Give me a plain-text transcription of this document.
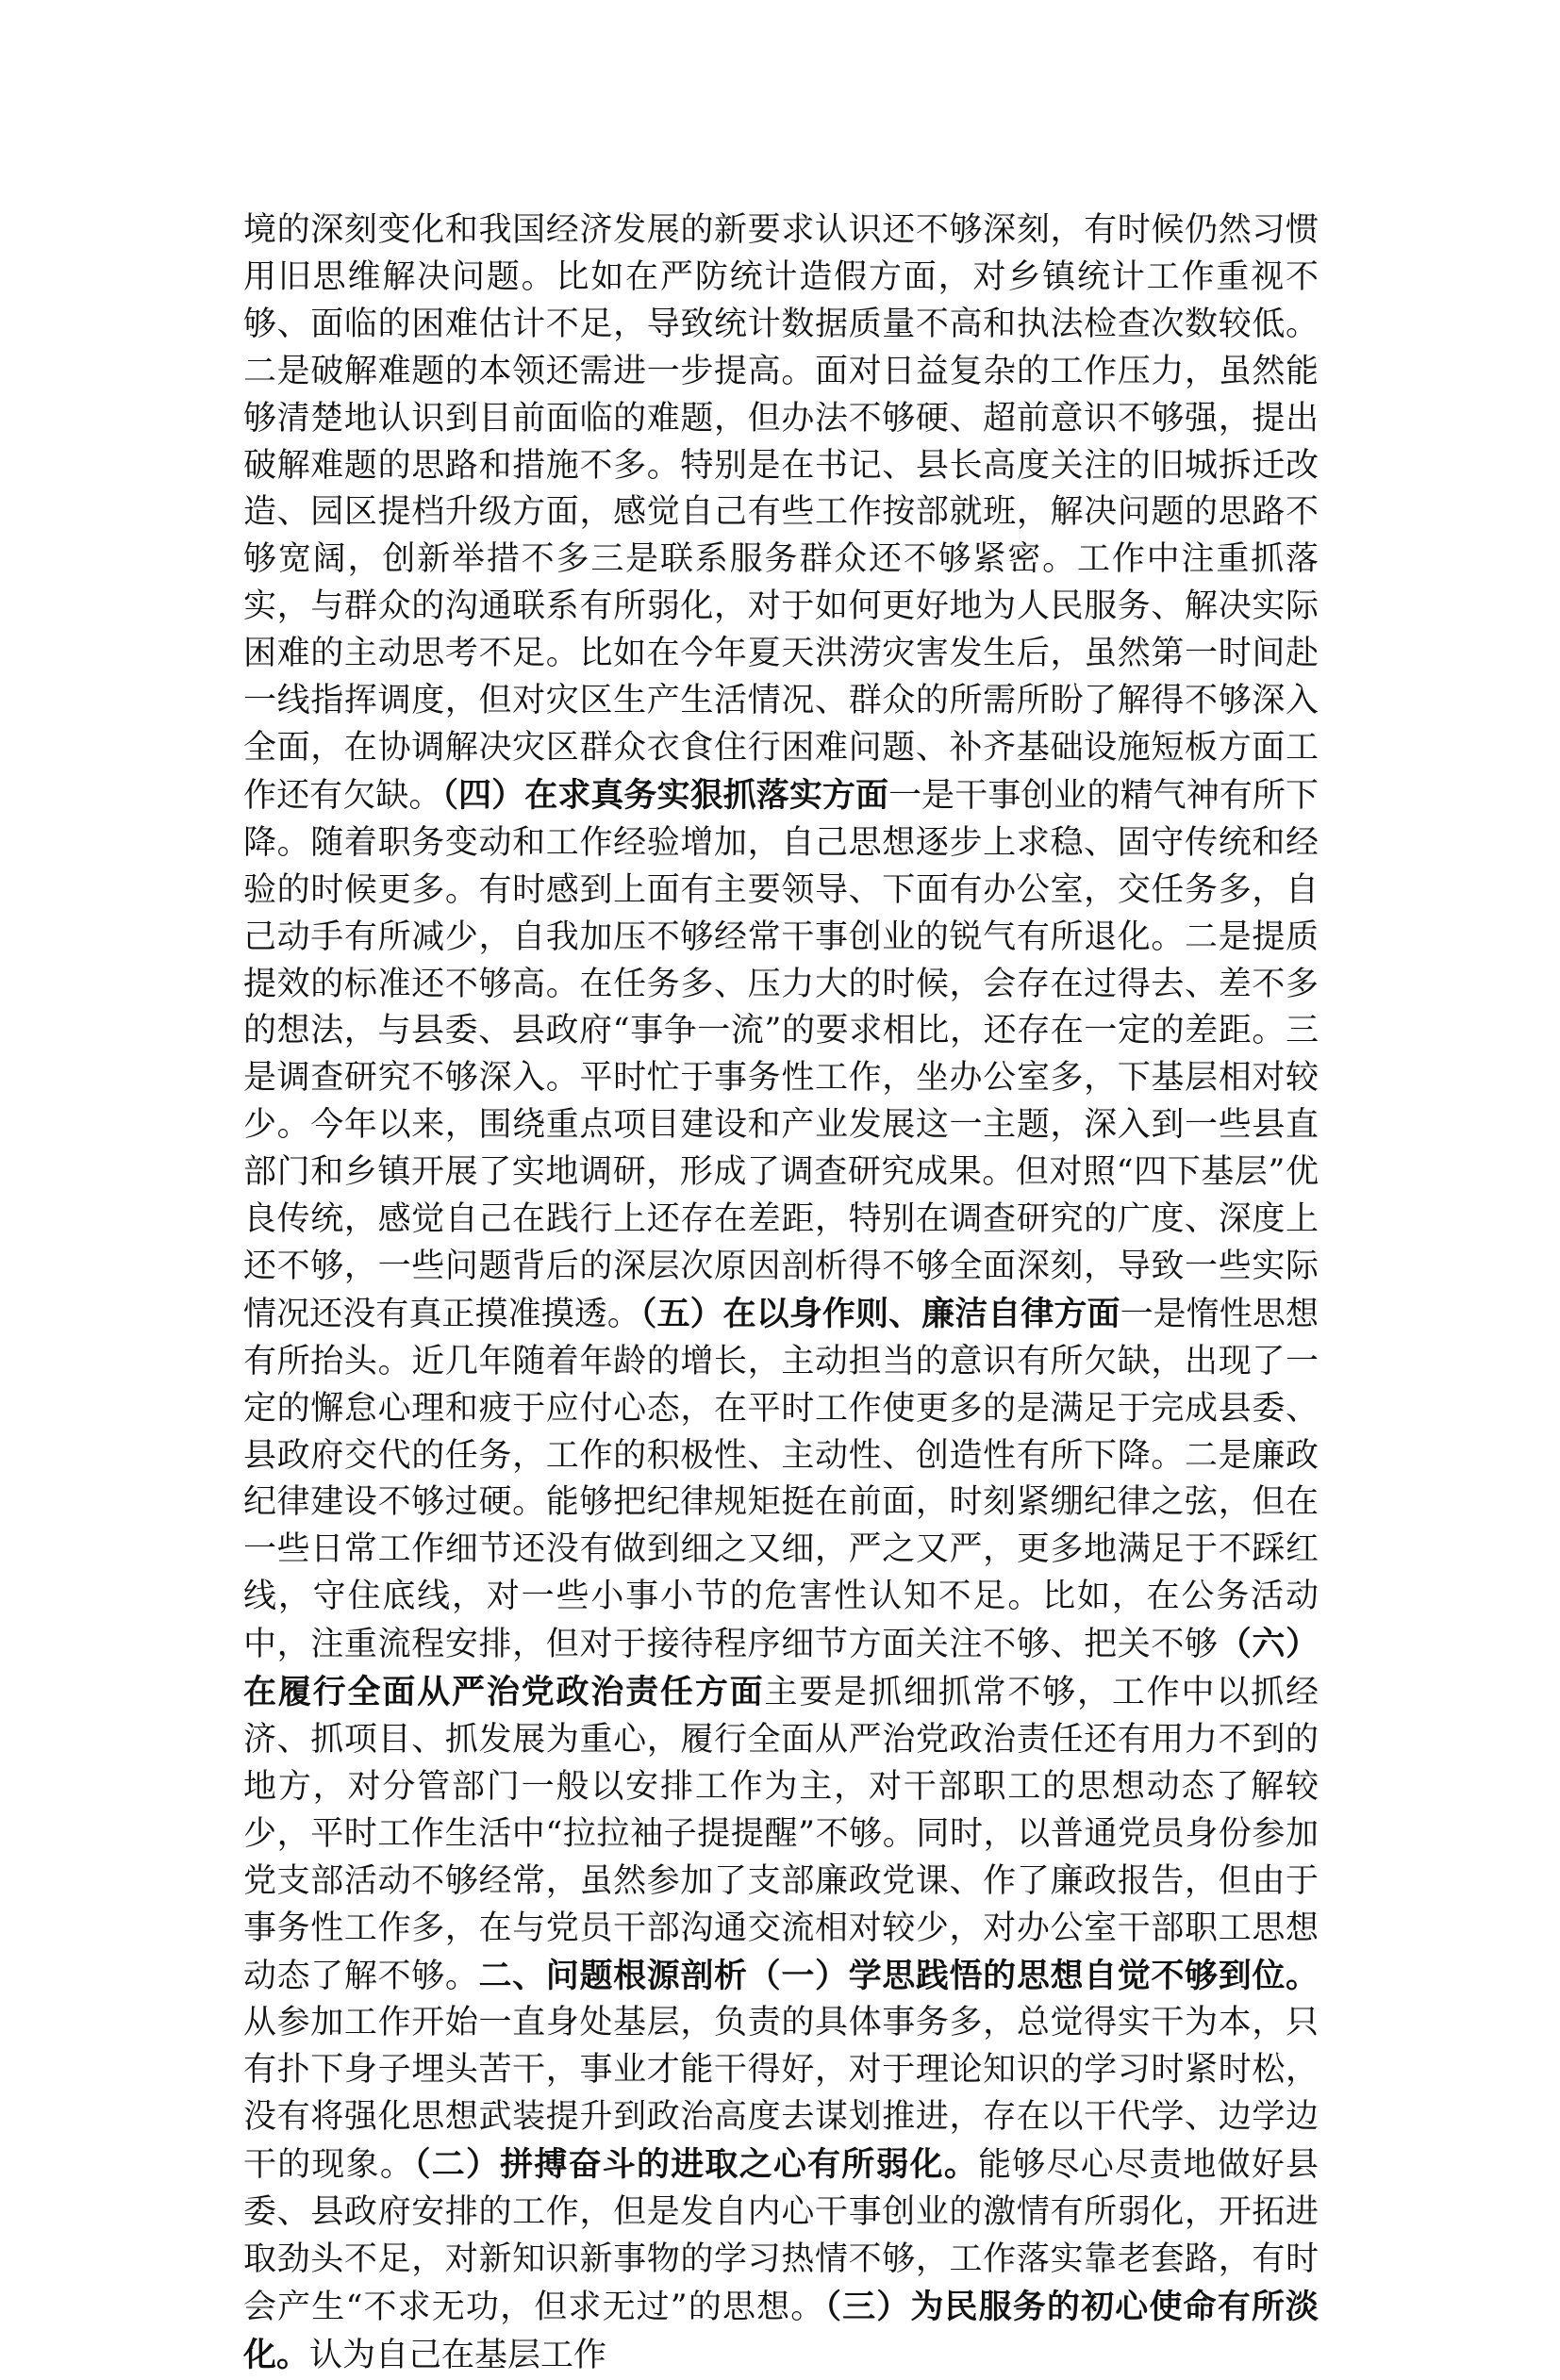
境的深刻变化和我国经济发展的新要求认识还不够深刻，有时候仍然习惯用旧思维解决问题。比如在严防统计造假方面，对乡镇统计工作重视不够、面临的困难估计不足，导致统计数据质量不高和执法检查次数较低。二是破解难题的本领还需进一步提高。面对日益复杂的工作压力，虽然能够清楚地认识到目前面临的难题，但办法不够硬、超前意识不够强，提出破解难题的思路和措施不多。特别是在书记、县长高度关注的旧城拆迁改造、园区提档升级方面，感觉自己有些工作按部就班，解决问题的思路不够宽阔，创新举措不多三是联系服务群众还不够紧密。工作中注重抓落实，与群众的沟通联系有所弱化，对于如何更好地为人民服务、解决实际困难的主动思考不足。比如在今年夏天洪涝灾害发生后，虽然第一时间赴一线指挥调度，但对灾区生产生活情况、群众的所需所盼了解得不够深入全面，在协调解决灾区群众衣食住行困难问题、补齐基础设施短板方面工作还有欠缺。（四）在求真务实狠抓落实方面一是干事创业的精气神有所下降。随着职务变动和工作经验增加，自己思想逐步上求稳、固守传统和经验的时候更多。有时感到上面有主要领导、下面有办公室，交任务多，自己动手有所减少，自我加压不够经常干事创业的锐气有所退化。二是提质提效的标准还不够高。在任务多、压力大的时候，会存在过得去、差不多的想法，与县委、县政府“事争一流”的要求相比，还存在一定的差距。三是调查研究不够深入。平时忙于事务性工作，坐办公室多，下基层相对较少。今年以来，围绕重点项目建设和产业发展这一主题，深入到一些县直部门和乡镇开展了实地调研，形成了调查研究成果。但对照“四下基层”优良传统，感觉自己在践行上还存在差距，特别在调查研究的广度、深度上还不够，一些问题背后的深层次原因剖析得不够全面深刻，导致一些实际情况还没有真正摸准摸透。（五）在以身作则、廉洁自律方面一是惰性思想有所抬头。近几年随着年龄的增长，主动担当的意识有所欠缺，出现了一定的懈怠心理和疲于应付心态，在平时工作使更多的是满足于完成县委、县政府交代的任务，工作的积极性、主动性、创造性有所下降。二是廉政纪律建设不够过硬。能够把纪律规矩挺在前面，时刻紧绷纪律之弦，但在一些日常工作细节还没有做到细之又细，严之又严，更多地满足于不踩红线，守住底线，对一些小事小节的危害性认知不足。比如，在公务活动中，注重流程安排，但对于接待程序细节方面关注不够、把关不够（六）在履行全面从严治党政治责任方面主要是抓细抓常不够，工作中以抓经济、抓项目、抓发展为重心，履行全面从严治党政治责任还有用力不到的地方，对分管部门一般以安排工作为主，对干部职工的思想动态了解较少，平时工作生活中“拉拉袖子提提醒”不够。同时，以普通党员身份参加党支部活动不够经常，虽然参加了支部廉政党课、作了廉政报告，但由于事务性工作多，在与党员干部沟通交流相对较少，对办公室干部职工思想动态了解不够。二、问题根源剖析（一）学思践悟的思想自觉不够到位。从参加工作开始一直身处基层，负责的具体事务多，总觉得实干为本，只有扑下身子埋头苦干，事业才能干得好，对于理论知识的学习时紧时松，没有将强化思想武装提升到政治高度去谋划推进，存在以干代学、边学边干的现象。（二）拼搏奋斗的进取之心有所弱化。能够尽心尽责地做好县委、县政府安排的工作，但是发自内心干事创业的激情有所弱化，开拓进取劲头不足，对新知识新事物的学习热情不够，工作落实靠老套路，有时会产生“不求无功，但求无过”的思想。（三）为民服务的初心使命有所淡化。认为自己在基层工作
